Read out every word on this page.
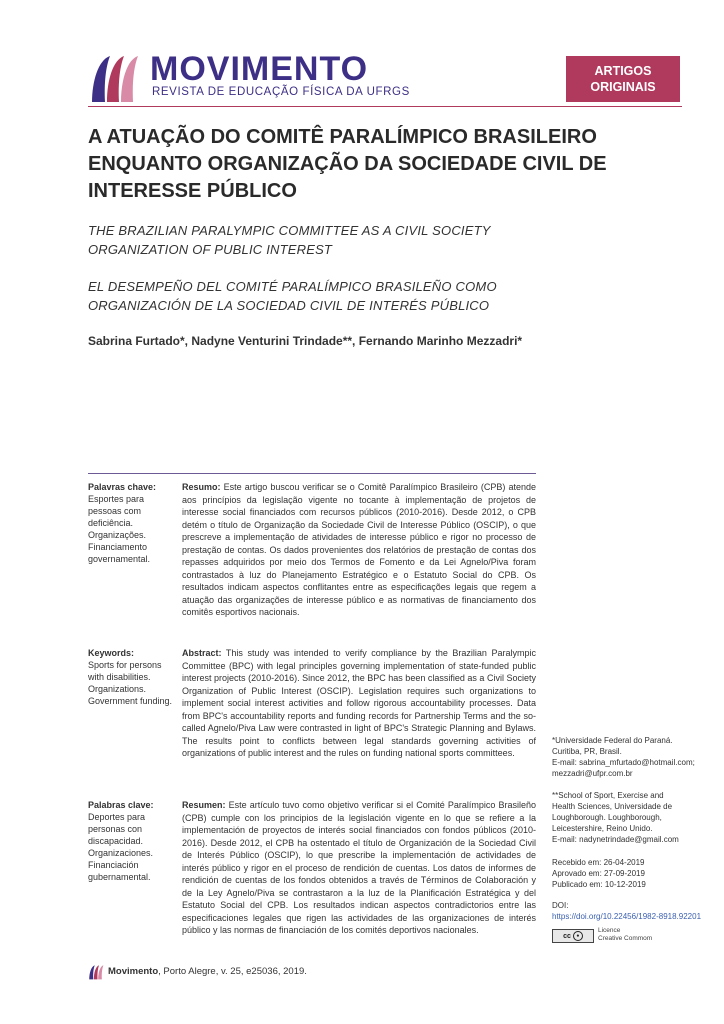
MOVIMENTO
REVISTA DE EDUCAÇÃO FÍSICA DA UFRGS
ARTIGOS
ORIGINAIS
A ATUAÇÃO DO COMITÊ PARALÍMPICO BRASILEIRO ENQUANTO ORGANIZAÇÃO DA SOCIEDADE CIVIL DE INTERESSE PÚBLICO
THE BRAZILIAN PARALYMPIC COMMITTEE AS A CIVIL SOCIETY ORGANIZATION OF PUBLIC INTEREST
EL DESEMPEÑO DEL COMITÉ PARALÍMPICO BRASILEÑO COMO ORGANIZACIÓN DE LA SOCIEDAD CIVIL DE INTERÉS PÚBLICO
Sabrina Furtado*, Nadyne Venturini Trindade**, Fernando Marinho Mezzadri*
Palavras chave:
Esportes para pessoas com deficiência. Organizações. Financiamento governamental.
Resumo: Este artigo buscou verificar se o Comitê Paralímpico Brasileiro (CPB) atende aos princípios da legislação vigente no tocante à implementação de projetos de interesse social financiados com recursos públicos (2010-2016). Desde 2012, o CPB detém o título de Organização da Sociedade Civil de Interesse Público (OSCIP), o que prescreve a implementação de atividades de interesse público e rigor no processo de prestação de contas. Os dados provenientes dos relatórios de prestação de contas dos repasses adquiridos por meio dos Termos de Fomento e da Lei Agnelo/Piva foram contrastados à luz do Planejamento Estratégico e o Estatuto Social do CPB. Os resultados indicam aspectos conflitantes entre as especificações legais que regem a atuação das organizações de interesse público e as normativas de financiamento dos comitês esportivos nacionais.
Keywords:
Sports for persons with disabilities. Organizations. Government funding.
Abstract: This study was intended to verify compliance by the Brazilian Paralympic Committee (BPC) with legal principles governing implementation of state-funded public interest projects (2010-2016). Since 2012, the BPC has been classified as a Civil Society Organization of Public Interest (OSCIP). Legislation requires such organizations to implement social interest activities and follow rigorous accountability processes. Data from BPC's accountability reports and funding records for Partnership Terms and the so-called Agnelo/Piva Law were contrasted in light of BPC's Strategic Planning and Bylaws. The results point to conflicts between legal standards governing activities of organizations of public interest and the rules on funding national sports committees.
Palabras clave:
Deportes para personas con discapacidad. Organizaciones. Financiación gubernamental.
Resumen: Este artículo tuvo como objetivo verificar si el Comité Paralímpico Brasileño (CPB) cumple con los principios de la legislación vigente en lo que se refiere a la implementación de proyectos de interés social financiados con fondos públicos (2010-2016). Desde 2012, el CPB ha ostentado el título de Organización de la Sociedad Civil de Interés Público (OSCIP), lo que prescribe la implementación de actividades de interés público y rigor en el proceso de rendición de cuentas. Los datos de informes de rendición de cuentas de los fondos obtenidos a través de Términos de Colaboración y de la Ley Agnelo/Piva se contrastaron a la luz de la Planificación Estratégica y del Estatuto Social del CPB. Los resultados indican aspectos contradictorios entre las especificaciones legales que rigen las actividades de las organizaciones de interés público y las normas de financiación de los comités deportivos nacionales.
*Universidade Federal do Paraná.
Curitiba, PR, Brasil.
E-mail: sabrina_mfurtado@hotmail.com;
mezzadri@ufpr.com.br
**School of Sport, Exercise and
Health Sciences, Universidade de
Loughborough. Loughborough,
Leicestershire, Reino Unido.
E-mail: nadynetrindade@gmail.com
Recebido em: 26-04-2019
Aprovado em: 27-09-2019
Publicado em: 10-12-2019
DOI:
https://doi.org/10.22456/1982-8918.92201
cc	●
Licence
Creative Commom
Movimento, Porto Alegre, v. 25, e25036, 2019.
